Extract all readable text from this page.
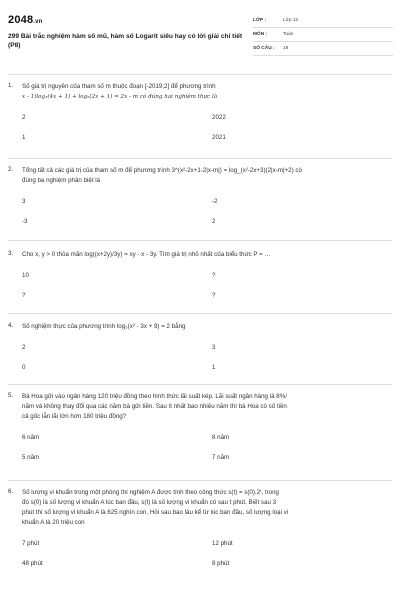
2048.vn
299 Bài trắc nghiệm hàm số mũ, hàm số Logarit siêu hay có lời giải chi tiết (P8)
LỚP :	Lớp 12
MÔN :	Toán
SỐ CÂU :	19
1. Số giá trị nguyên của tham số m thuộc đoạn [-2019;2] để phương trình
x - 1)log₃(4x + 1) + log₅(2x + 1) = 2x - m có đúng hai nghiệm thực là
2	2022
1	2021
2. Tổng tất cả các giá trị của tham số m để phương trình 3^(x²-2x+1-2|x-m|) = log_(x²-2x+3)(2|x-m|+2) có
đúng ba nghiệm phân biệt là
3	-2
-3	2
3. Cho x, y > 0 thỏa mãn log((x+2y)/3y) = xy - x - 3y. Tìm giá trị nhỏ nhất của biểu thức P = …
10	?
?	?
4. Số nghiệm thực của phương trình log₃(x² - 3x + 9) = 2 bằng
2	3
0	1
5. Bà Hoa gửi vào ngân hàng 120 triệu đồng theo hình thức lãi suất kép. Lãi suất ngân hàng là 8%/
năm và không thay đổi qua các năm bà gửi tiền. Sau ít nhất bao nhiêu năm thì bà Hoa có số tiền
cả gốc lẫn lãi lớn hơn 180 triệu đồng?
6 năm	8 năm
5 năm	7 năm
6. Số lượng vi khuẩn trong một phòng thí nghiệm A được tính theo công thức s(t) = s(0).2ᵗ, trong
đó s(0) là số lượng vi khuẩn A lúc ban đầu, s(t) là số lượng vi khuẩn có sau t phút. Biết sau 3
phút thì số lượng vi khuẩn A là 625 nghìn con. Hỏi sau bao lâu kể từ lúc ban đầu, số lượng loại vi
khuẩn A là 20 triệu con
7 phút	12 phút
48 phút	8 phút
